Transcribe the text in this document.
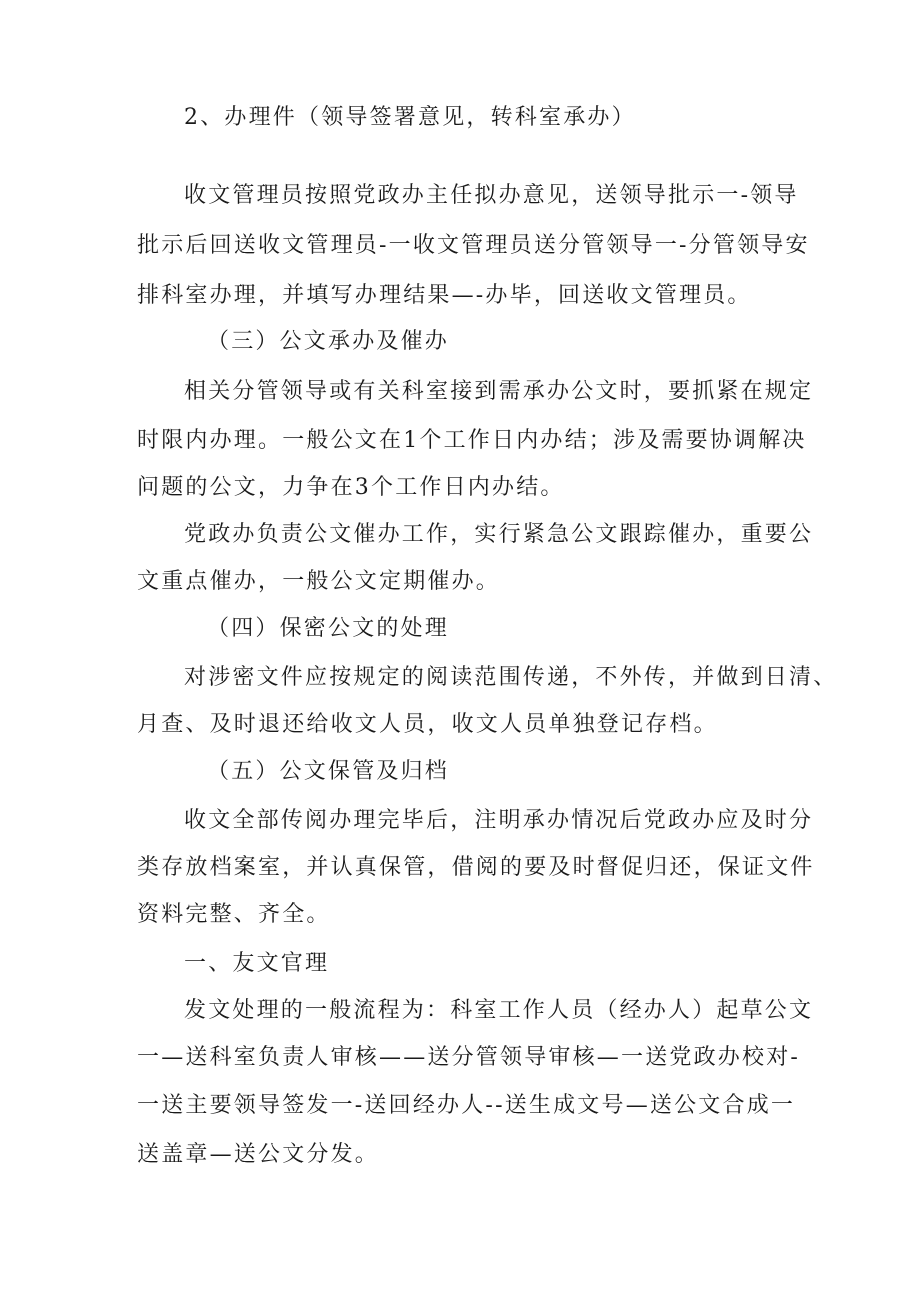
2、办理件（领导签署意见，转科室承办）
收文管理员按照党政办主任拟办意见，送领导批示一-领导
批示后回送收文管理员-一收文管理员送分管领导一-分管领导安
排科室办理，并填写办理结果—-办毕，回送收文管理员。
（三）公文承办及催办
相关分管领导或有关科室接到需承办公文时，要抓紧在规定
时限内办理。一般公文在1个工作日内办结；涉及需要协调解决
问题的公文，力争在3个工作日内办结。
党政办负责公文催办工作，实行紧急公文跟踪催办，重要公
文重点催办，一般公文定期催办。
（四）保密公文的处理
对涉密文件应按规定的阅读范围传递，不外传，并做到日清、
月查、及时退还给收文人员，收文人员单独登记存档。
（五）公文保管及归档
收文全部传阅办理完毕后，注明承办情况后党政办应及时分
类存放档案室，并认真保管，借阅的要及时督促归还，保证文件
资料完整、齐全。
一、友文官理
发文处理的一般流程为：科室工作人员（经办人）起草公文
一—送科室负责人审核——送分管领导审核—一送党政办校对-
一送主要领导签发一-送回经办人--送生成文号—送公文合成一
送盖章—送公文分发。
